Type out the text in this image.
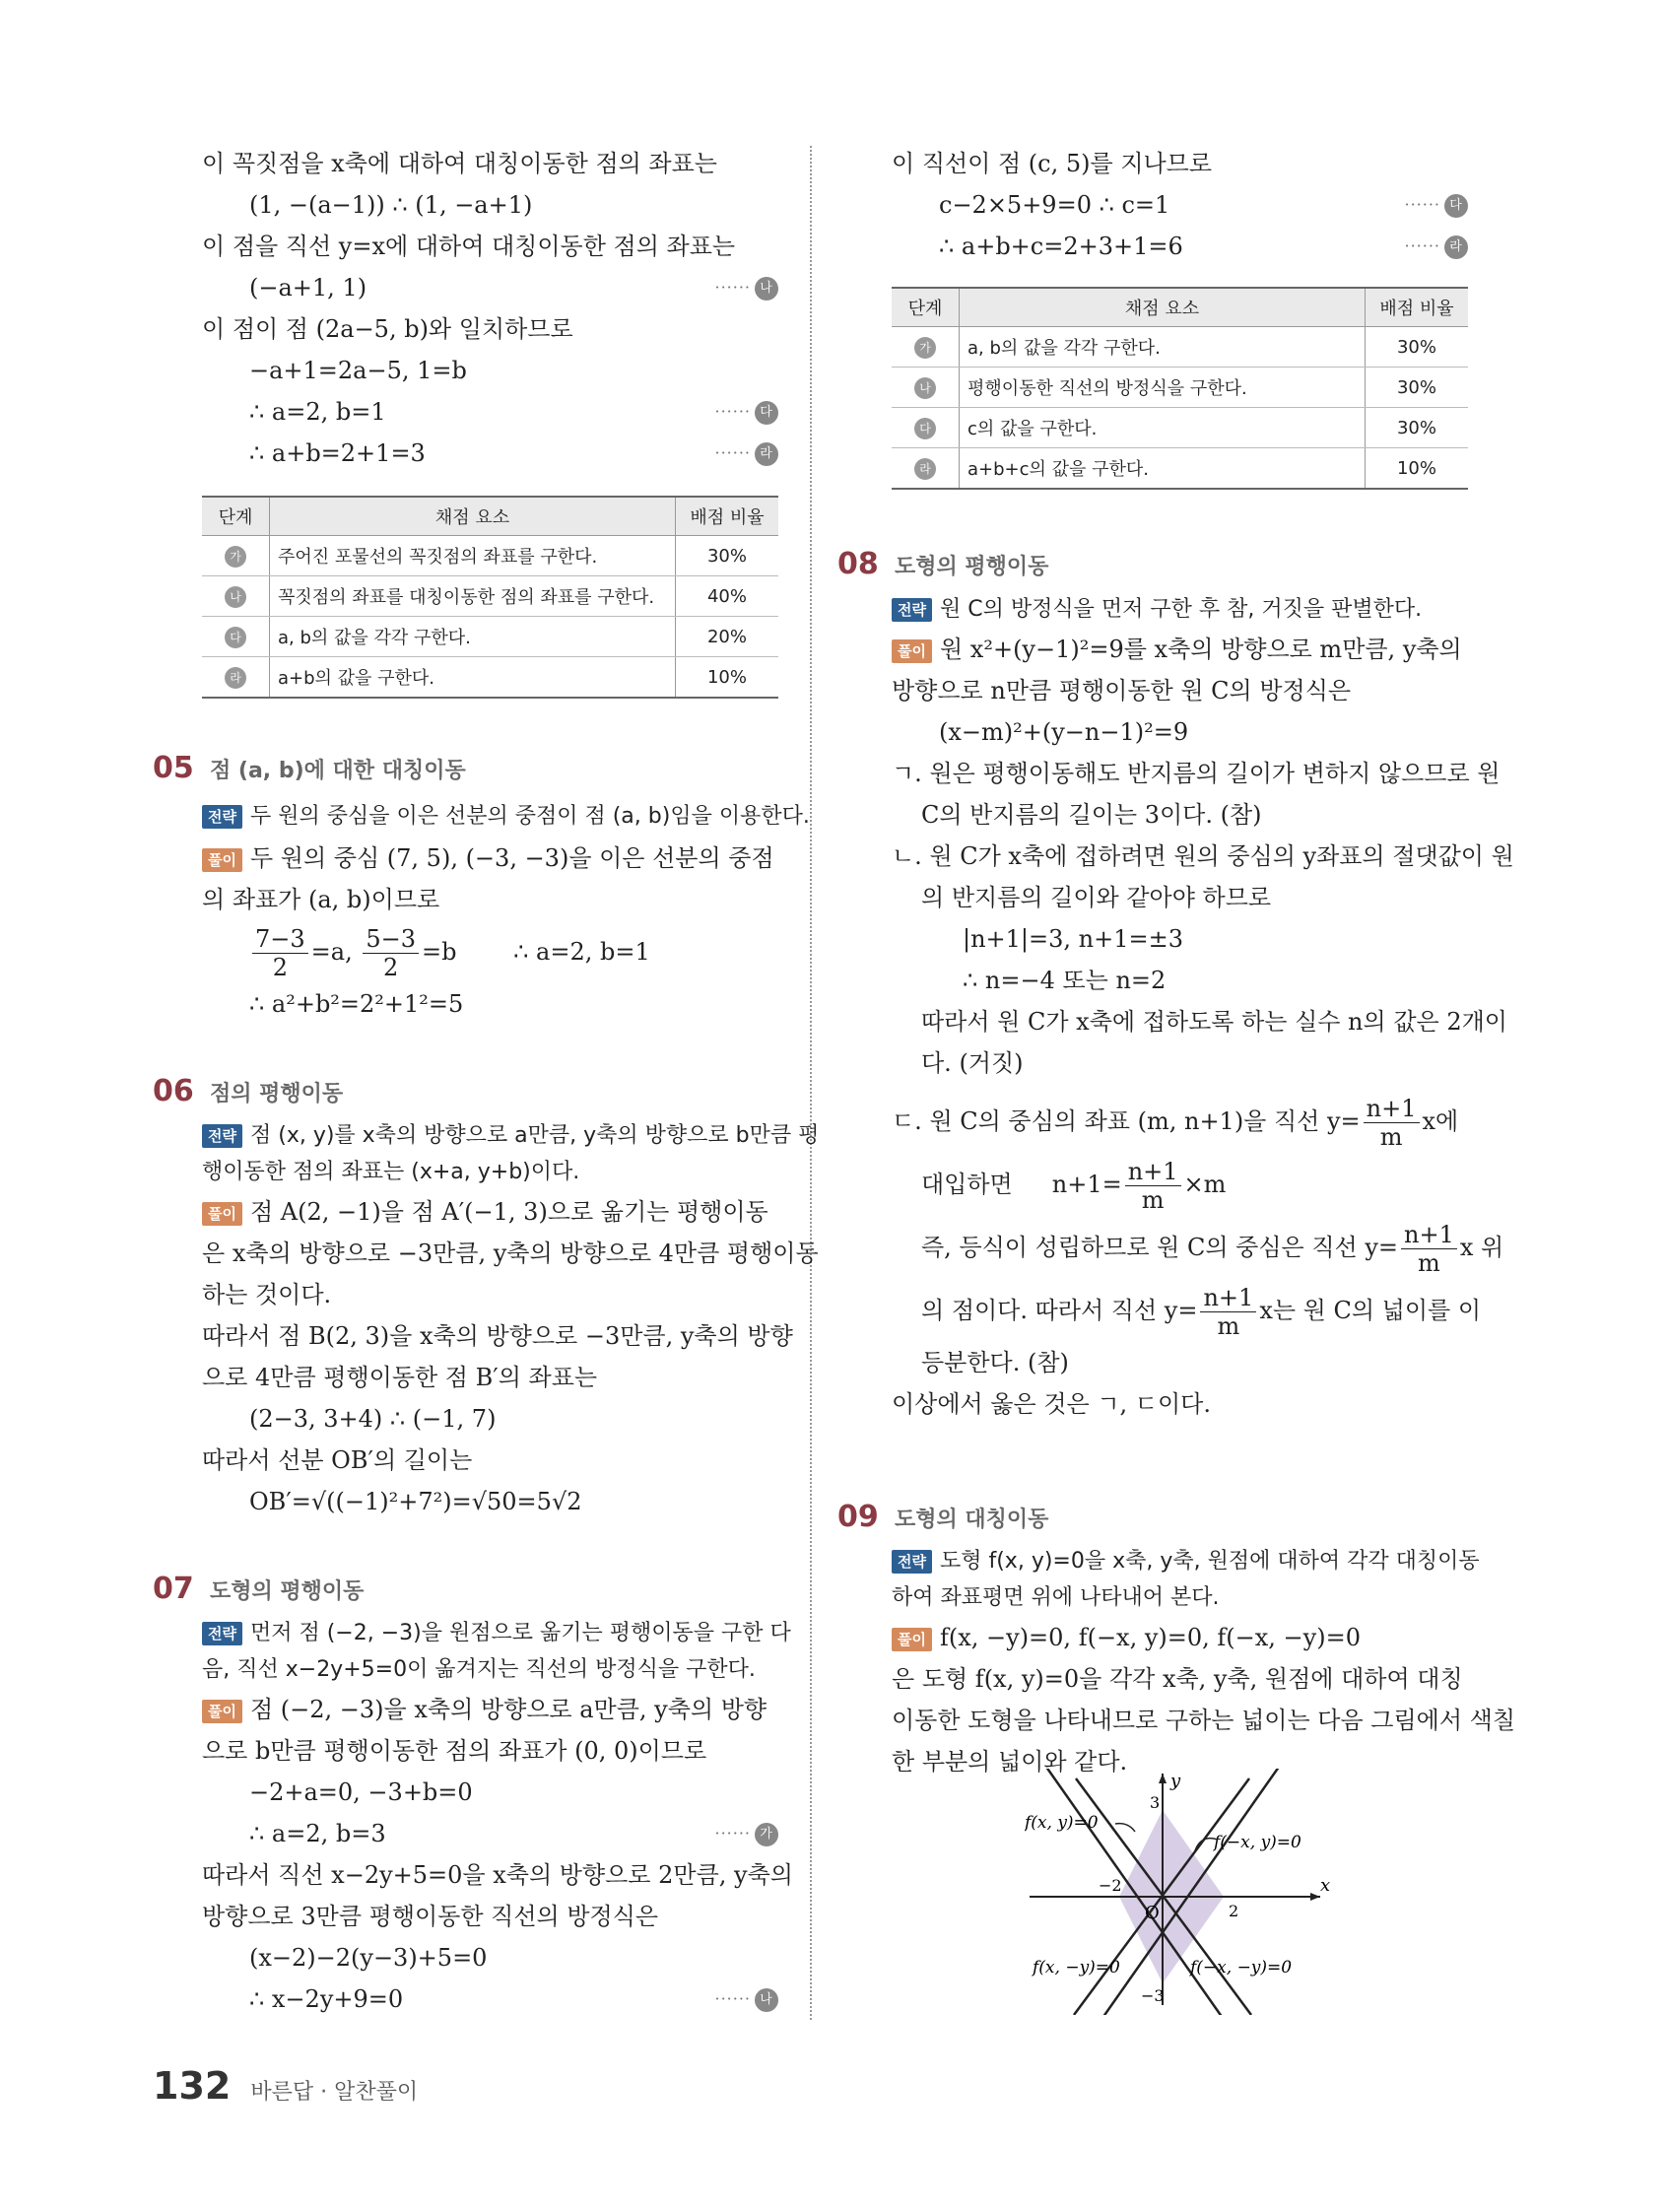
이 꼭짓점을 x축에 대하여 대칭이동한 점의 좌표는
(1, −(a−1)) ∴ (1, −a+1)
이 점을 직선 y=x에 대하여 대칭이동한 점의 좌표는
(−a+1, 1)	······ 나
이 점이 점 (2a−5, b)와 일치하므로
−a+1=2a−5, 1=b
∴ a=2, b=1	······ 다
∴ a+b=2+1=3	······ 라
단계	채점 요소	배점 비율
가	주어진 포물선의 꼭짓점의 좌표를 구한다.	30%
나	꼭짓점의 좌표를 대칭이동한 점의 좌표를 구한다.	40%
다	a, b의 값을 각각 구한다.	20%
라	a+b의 값을 구한다.	10%
05 점 (a, b)에 대한 대칭이동
전략 두 원의 중심을 이은 선분의 중점이 점 (a, b)임을 이용한다.
풀이 두 원의 중심 (7, 5), (−3, −3)을 이은 선분의 중점
의 좌표가 (a, b)이므로
$\frac{7-3}{2} =a$, $\frac{5-3}{2} =b$ ∴ a=2, b=1
∴ a²+b²=2²+1²=5
06 점의 평행이동
전략 점 (x, y)를 x축의 방향으로 a만큼, y축의 방향으로 b만큼 평
행이동한 점의 좌표는 (x+a, y+b)이다.
풀이 점 A(2, −1)을 점 A′(−1, 3)으로 옮기는 평행이동
은 x축의 방향으로 −3만큼, y축의 방향으로 4만큼 평행이동
하는 것이다.
따라서 점 B(2, 3)을 x축의 방향으로 −3만큼, y축의 방향
으로 4만큼 평행이동한 점 B′의 좌표는
(2−3, 3+4) ∴ (−1, 7)
따라서 선분 OB′의 길이는
OB′=√((−1)²+7²)=√50=5√2
07 도형의 평행이동
전략 먼저 점 (−2, −3)을 원점으로 옮기는 평행이동을 구한 다
음, 직선 x−2y+5=0이 옮겨지는 직선의 방정식을 구한다.
풀이 점 (−2, −3)을 x축의 방향으로 a만큼, y축의 방향
으로 b만큼 평행이동한 점의 좌표가 (0, 0)이므로
−2+a=0, −3+b=0
∴ a=2, b=3	······ 가
따라서 직선 x−2y+5=0을 x축의 방향으로 2만큼, y축의
방향으로 3만큼 평행이동한 직선의 방정식은
(x−2)−2(y−3)+5=0
∴ x−2y+9=0	······ 나
이 직선이 점 (c, 5)를 지나므로
c−2×5+9=0 ∴ c=1	······ 다
∴ a+b+c=2+3+1=6	······ 라
단계	채점 요소	배점 비율
가	a, b의 값을 각각 구한다.	30%
나	평행이동한 직선의 방정식을 구한다.	30%
다	c의 값을 구한다.	30%
라	a+b+c의 값을 구한다.	10%
08 도형의 평행이동
전략 원 C의 방정식을 먼저 구한 후 참, 거짓을 판별한다.
풀이 원 x²+(y−1)²=9를 x축의 방향으로 m만큼, y축의
방향으로 n만큼 평행이동한 원 C의 방정식은
(x−m)²+(y−n−1)²=9
ㄱ. 원은 평행이동해도 반지름의 길이가 변하지 않으므로 원
C의 반지름의 길이는 3이다. (참)
ㄴ. 원 C가 x축에 접하려면 원의 중심의 y좌표의 절댓값이 원
의 반지름의 길이와 같아야 하므로
|n+1|=3, n+1=±3
∴ n=−4 또는 n=2
따라서 원 C가 x축에 접하도록 하는 실수 n의 값은 2개이
다. (거짓)
ㄷ. 원 C의 중심의 좌표 (m, n+1)을 직선 $y= \frac{n+1}{m}$ x에
대입하면 $n+1= \frac{n+1}{m} \times m$
즉, 등식이 성립하므로 원 C의 중심은 직선 $y= \frac{n+1}{m}$ x 위
의 점이다. 따라서 직선 $y= \frac{n+1}{m}$ x는 원 C의 넓이를 이
등분한다. (참)
이상에서 옳은 것은 ㄱ, ㄷ이다.
09 도형의 대칭이동
전략 도형 f(x, y)=0을 x축, y축, 원점에 대하여 각각 대칭이동
하여 좌표평면 위에 나타내어 본다.
풀이 f(x, −y)=0, f(−x, y)=0, f(−x, −y)=0
은 도형 f(x, y)=0을 각각 x축, y축, 원점에 대하여 대칭
이동한 도형을 나타내므로 구하는 넓이는 다음 그림에서 색칠
한 부분의 넓이와 같다.
y
x
O
3
−3
2
−2
f(x, y)=0
f(−x, y)=0
f(x, −y)=0	f(−x, −y)=0
132 바른답 · 알찬풀이
